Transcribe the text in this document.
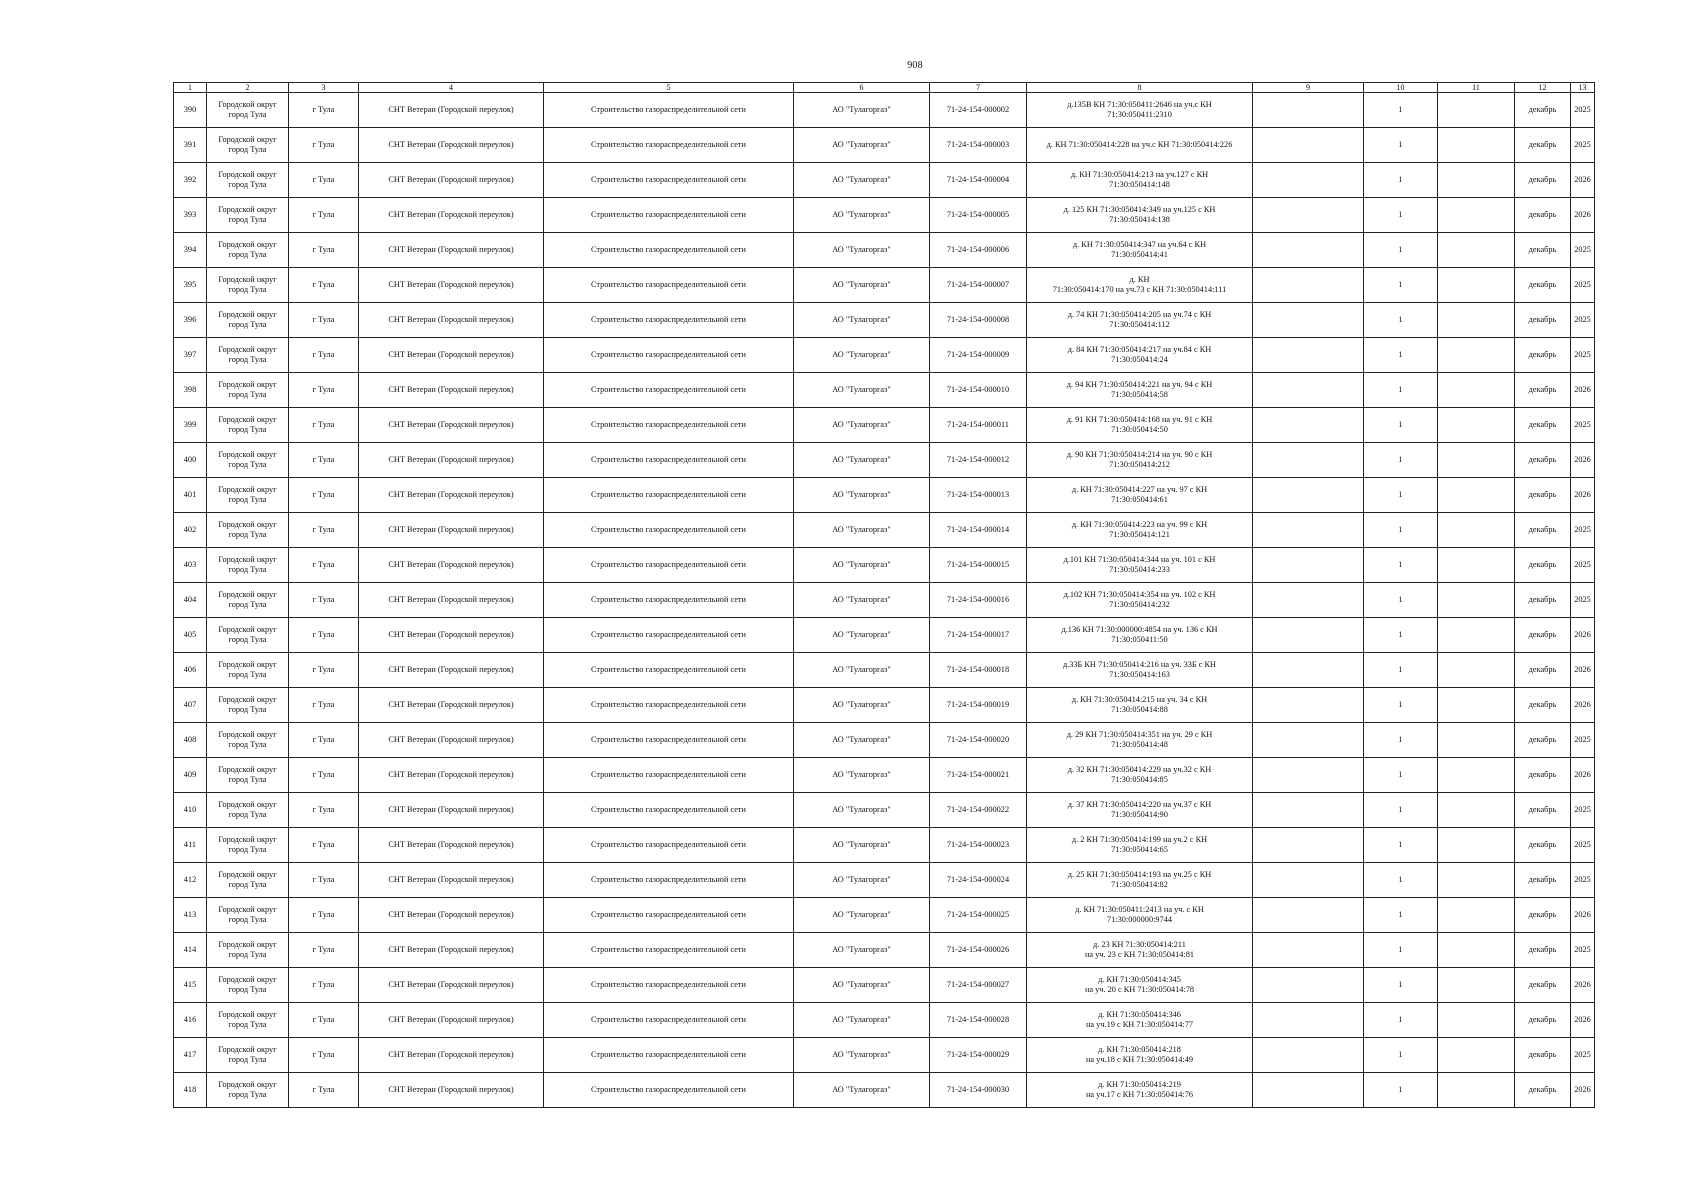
908
1	2	3	4	5	6	7	8	9	10	11	12	13

390	Городской округ
город Тула	г Тула	СНТ Ветеран (Городской переулок)	Строительство газораспределительной сети	АО "Тулагоргаз"	71-24-154-000002	д.135В КН 71:30:050411:2646 на уч.с КН
71:30:050411:2310		1		декабрь	2025

391	Городской округ
город Тула	г Тула	СНТ Ветеран (Городской переулок)	Строительство газораспределительной сети	АО "Тулагоргаз"	71-24-154-000003	д. КН 71:30:050414:228 на уч.с КН 71:30:050414:226		1		декабрь	2025

392	Городской округ
город Тула	г Тула	СНТ Ветеран (Городской переулок)	Строительство газораспределительной сети	АО "Тулагоргаз"	71-24-154-000004	д. КН 71:30:050414:213 на уч.127 с КН
71:30:050414:148		1		декабрь	2026

393	Городской округ
город Тула	г Тула	СНТ Ветеран (Городской переулок)	Строительство газораспределительной сети	АО "Тулагоргаз"	71-24-154-000005	д. 125 КН 71:30:050414:349 на уч.125 с КН
71:30:050414:138		1		декабрь	2026

394	Городской округ
город Тула	г Тула	СНТ Ветеран (Городской переулок)	Строительство газораспределительной сети	АО "Тулагоргаз"	71-24-154-000006	д. КН 71:30:050414:347 на уч.64 с КН
71:30:050414:41		1		декабрь	2025

395	Городской округ
город Тула	г Тула	СНТ Ветеран (Городской переулок)	Строительство газораспределительной сети	АО "Тулагоргаз"	71-24-154-000007	д. КН
71:30:050414:170 на уч.73 с КН 71:30:050414:111		1		декабрь	2025

396	Городской округ
город Тула	г Тула	СНТ Ветеран (Городской переулок)	Строительство газораспределительной сети	АО "Тулагоргаз"	71-24-154-000008	д. 74 КН 71:30:050414:205 на уч.74 с КН
71:30:050414:112		1		декабрь	2025

397	Городской округ
город Тула	г Тула	СНТ Ветеран (Городской переулок)	Строительство газораспределительной сети	АО "Тулагоргаз"	71-24-154-000009	д. 84 КН 71:30:050414:217 на уч.84 с КН
71:30:050414:24		1		декабрь	2025

398	Городской округ
город Тула	г Тула	СНТ Ветеран (Городской переулок)	Строительство газораспределительной сети	АО "Тулагоргаз"	71-24-154-000010	д. 94 КН 71:30:050414:221 на уч. 94 с КН
71:30:050414:58		1		декабрь	2026

399	Городской округ
город Тула	г Тула	СНТ Ветеран (Городской переулок)	Строительство газораспределительной сети	АО "Тулагоргаз"	71-24-154-000011	д. 91 КН 71:30:050414:168 на уч. 91 с КН
71:30:050414:50		1		декабрь	2025

400	Городской округ
город Тула	г Тула	СНТ Ветеран (Городской переулок)	Строительство газораспределительной сети	АО "Тулагоргаз"	71-24-154-000012	д. 90 КН 71:30:050414:214 на уч. 90 с КН
71:30:050414:212		1		декабрь	2026

401	Городской округ
город Тула	г Тула	СНТ Ветеран (Городской переулок)	Строительство газораспределительной сети	АО "Тулагоргаз"	71-24-154-000013	д. КН 71:30:050414:227 на уч. 97 с КН
71:30:050414:61		1		декабрь	2026

402	Городской округ
город Тула	г Тула	СНТ Ветеран (Городской переулок)	Строительство газораспределительной сети	АО "Тулагоргаз"	71-24-154-000014	д. КН 71:30:050414:223 на уч. 99 с КН
71:30:050414:121		1		декабрь	2025

403	Городской округ
город Тула	г Тула	СНТ Ветеран (Городской переулок)	Строительство газораспределительной сети	АО "Тулагоргаз"	71-24-154-000015	д.101 КН 71:30:050414:344 на уч. 101 с КН
71:30:050414:233		1		декабрь	2025

404	Городской округ
город Тула	г Тула	СНТ Ветеран (Городской переулок)	Строительство газораспределительной сети	АО "Тулагоргаз"	71-24-154-000016	д.102 КН 71:30:050414:354 на уч. 102 с КН
71:30:050414:232		1		декабрь	2025

405	Городской округ
город Тула	г Тула	СНТ Ветеран (Городской переулок)	Строительство газораспределительной сети	АО "Тулагоргаз"	71-24-154-000017	д.136 КН 71:30:000000:4854 на уч. 136 с КН
71:30:050411:50		1		декабрь	2026

406	Городской округ
город Тула	г Тула	СНТ Ветеран (Городской переулок)	Строительство газораспределительной сети	АО "Тулагоргаз"	71-24-154-000018	д.33Б КН 71:30:050414:216 на уч. 33Б с КН
71:30:050414:163		1		декабрь	2026

407	Городской округ
город Тула	г Тула	СНТ Ветеран (Городской переулок)	Строительство газораспределительной сети	АО "Тулагоргаз"	71-24-154-000019	д. КН 71:30:050414:215 на уч. 34 с КН
71:30:050414:88		1		декабрь	2026

408	Городской округ
город Тула	г Тула	СНТ Ветеран (Городской переулок)	Строительство газораспределительной сети	АО "Тулагоргаз"	71-24-154-000020	д. 29 КН 71:30:050414:351 на уч. 29 с КН
71:30:050414:48		1		декабрь	2025

409	Городской округ
город Тула	г Тула	СНТ Ветеран (Городской переулок)	Строительство газораспределительной сети	АО "Тулагоргаз"	71-24-154-000021	д. 32 КН 71:30:050414:229 на уч.32 с КН
71:30:050414:85		1		декабрь	2026

410	Городской округ
город Тула	г Тула	СНТ Ветеран (Городской переулок)	Строительство газораспределительной сети	АО "Тулагоргаз"	71-24-154-000022	д. 37 КН 71:30:050414:220 на уч.37 с КН
71:30:050414:90		1		декабрь	2025

411	Городской округ
город Тула	г Тула	СНТ Ветеран (Городской переулок)	Строительство газораспределительной сети	АО "Тулагоргаз"	71-24-154-000023	д. 2 КН 71:30:050414:199 на уч.2 с КН
71:30:050414:65		1		декабрь	2025

412	Городской округ
город Тула	г Тула	СНТ Ветеран (Городской переулок)	Строительство газораспределительной сети	АО "Тулагоргаз"	71-24-154-000024	д. 25 КН 71:30:050414:193 на уч.25 с КН
71:30:050414:82		1		декабрь	2025

413	Городской округ
город Тула	г Тула	СНТ Ветеран (Городской переулок)	Строительство газораспределительной сети	АО "Тулагоргаз"	71-24-154-000025	д. КН 71:30:050411:2413 на уч. с КН
71:30:000000:9744		1		декабрь	2026

414	Городской округ
город Тула	г Тула	СНТ Ветеран (Городской переулок)	Строительство газораспределительной сети	АО "Тулагоргаз"	71-24-154-000026	д. 23 КН 71:30:050414:211
на уч. 23 с КН 71:30:050414:81		1		декабрь	2025

415	Городской округ
город Тула	г Тула	СНТ Ветеран (Городской переулок)	Строительство газораспределительной сети	АО "Тулагоргаз"	71-24-154-000027	д. КН 71:30:050414:345
на уч. 20 с КН 71:30:050414:78		1		декабрь	2026

416	Городской округ
город Тула	г Тула	СНТ Ветеран (Городской переулок)	Строительство газораспределительной сети	АО "Тулагоргаз"	71-24-154-000028	д. КН 71:30:050414:346
на уч.19 с КН 71:30:050414:77		1		декабрь	2026

417	Городской округ
город Тула	г Тула	СНТ Ветеран (Городской переулок)	Строительство газораспределительной сети	АО "Тулагоргаз"	71-24-154-000029	д. КН 71:30:050414:218
на уч.18 с КН 71:30:050414:49		1		декабрь	2025

418	Городской округ
город Тула	г Тула	СНТ Ветеран (Городской переулок)	Строительство газораспределительной сети	АО "Тулагоргаз"	71-24-154-000030	д. КН 71:30:050414:219
на уч.17 с КН 71:30:050414:76		1		декабрь	2026
